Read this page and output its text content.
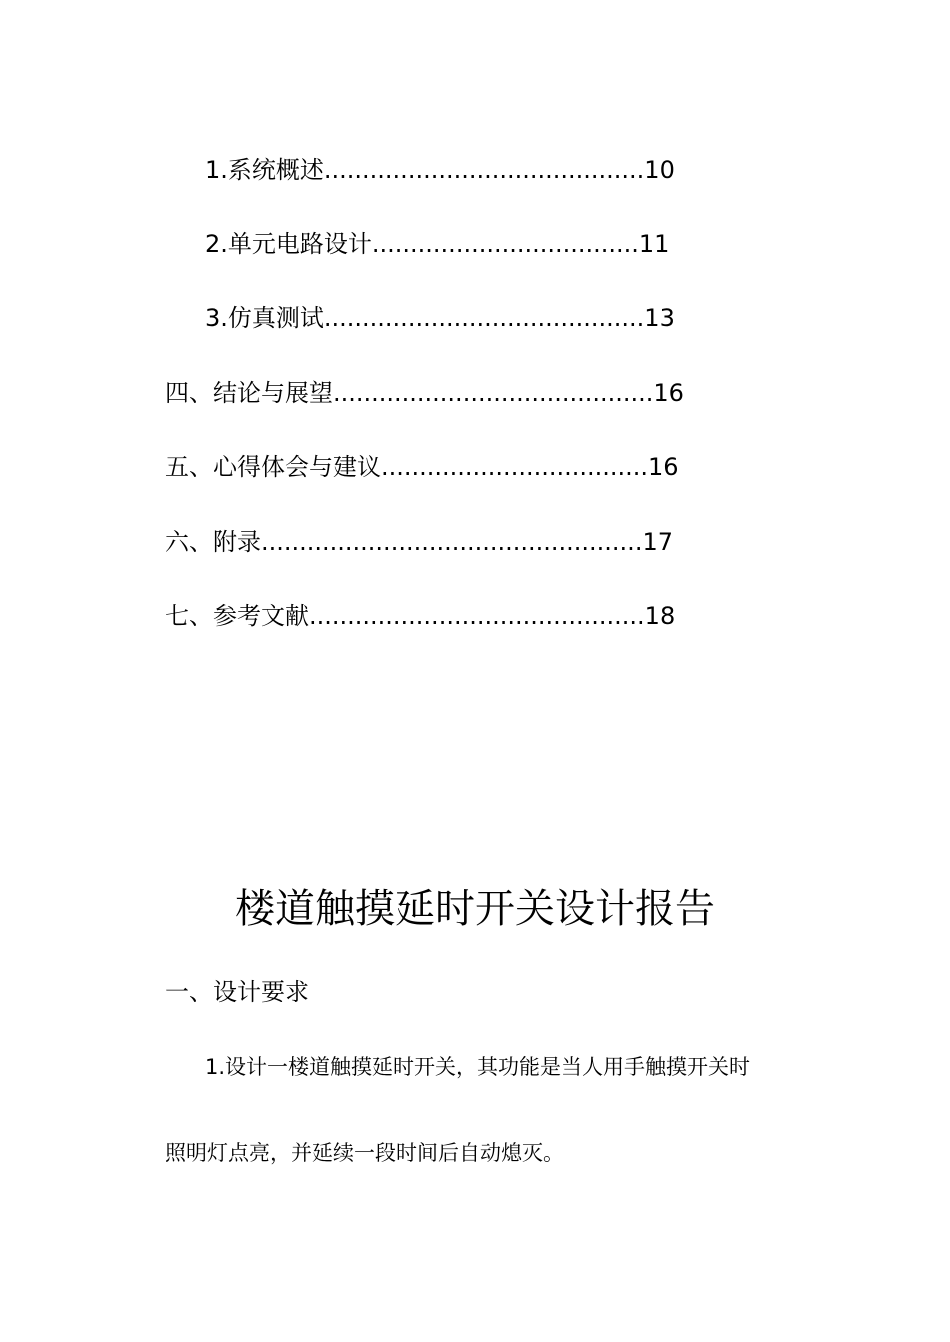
1.系统概述..........................................10
2.单元电路设计...................................11
3.仿真测试..........................................13
四、结论与展望..........................................16
五、心得体会与建议...................................16
六、附录..................................................17
七、参考文献............................................18
楼道触摸延时开关设计报告
一、设计要求
1.设计一楼道触摸延时开关，其功能是当人用手触摸开关时
照明灯点亮，并延续一段时间后自动熄灭。
